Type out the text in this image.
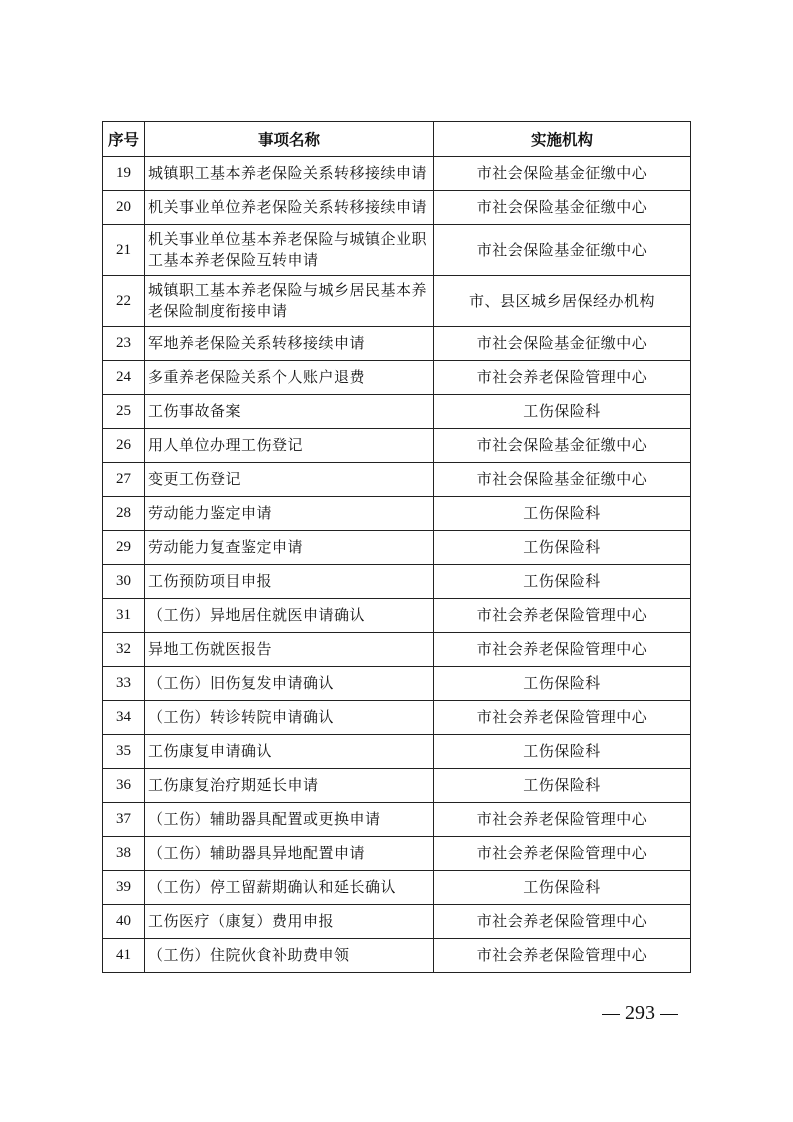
序号	事项名称	实施机构
19	城镇职工基本养老保险关系转移接续申请	市社会保险基金征缴中心
20	机关事业单位养老保险关系转移接续申请	市社会保险基金征缴中心
21	机关事业单位基本养老保险与城镇企业职工基本养老保险互转申请	市社会保险基金征缴中心
22	城镇职工基本养老保险与城乡居民基本养老保险制度衔接申请	市、县区城乡居保经办机构
23	军地养老保险关系转移接续申请	市社会保险基金征缴中心
24	多重养老保险关系个人账户退费	市社会养老保险管理中心
25	工伤事故备案	工伤保险科
26	用人单位办理工伤登记	市社会保险基金征缴中心
27	变更工伤登记	市社会保险基金征缴中心
28	劳动能力鉴定申请	工伤保险科
29	劳动能力复查鉴定申请	工伤保险科
30	工伤预防项目申报	工伤保险科
31	（工伤）异地居住就医申请确认	市社会养老保险管理中心
32	异地工伤就医报告	市社会养老保险管理中心
33	（工伤）旧伤复发申请确认	工伤保险科
34	（工伤）转诊转院申请确认	市社会养老保险管理中心
35	工伤康复申请确认	工伤保险科
36	工伤康复治疗期延长申请	工伤保险科
37	（工伤）辅助器具配置或更换申请	市社会养老保险管理中心
38	（工伤）辅助器具异地配置申请	市社会养老保险管理中心
39	（工伤）停工留薪期确认和延长确认	工伤保险科
40	工伤医疗（康复）费用申报	市社会养老保险管理中心
41	（工伤）住院伙食补助费申领	市社会养老保险管理中心
293
